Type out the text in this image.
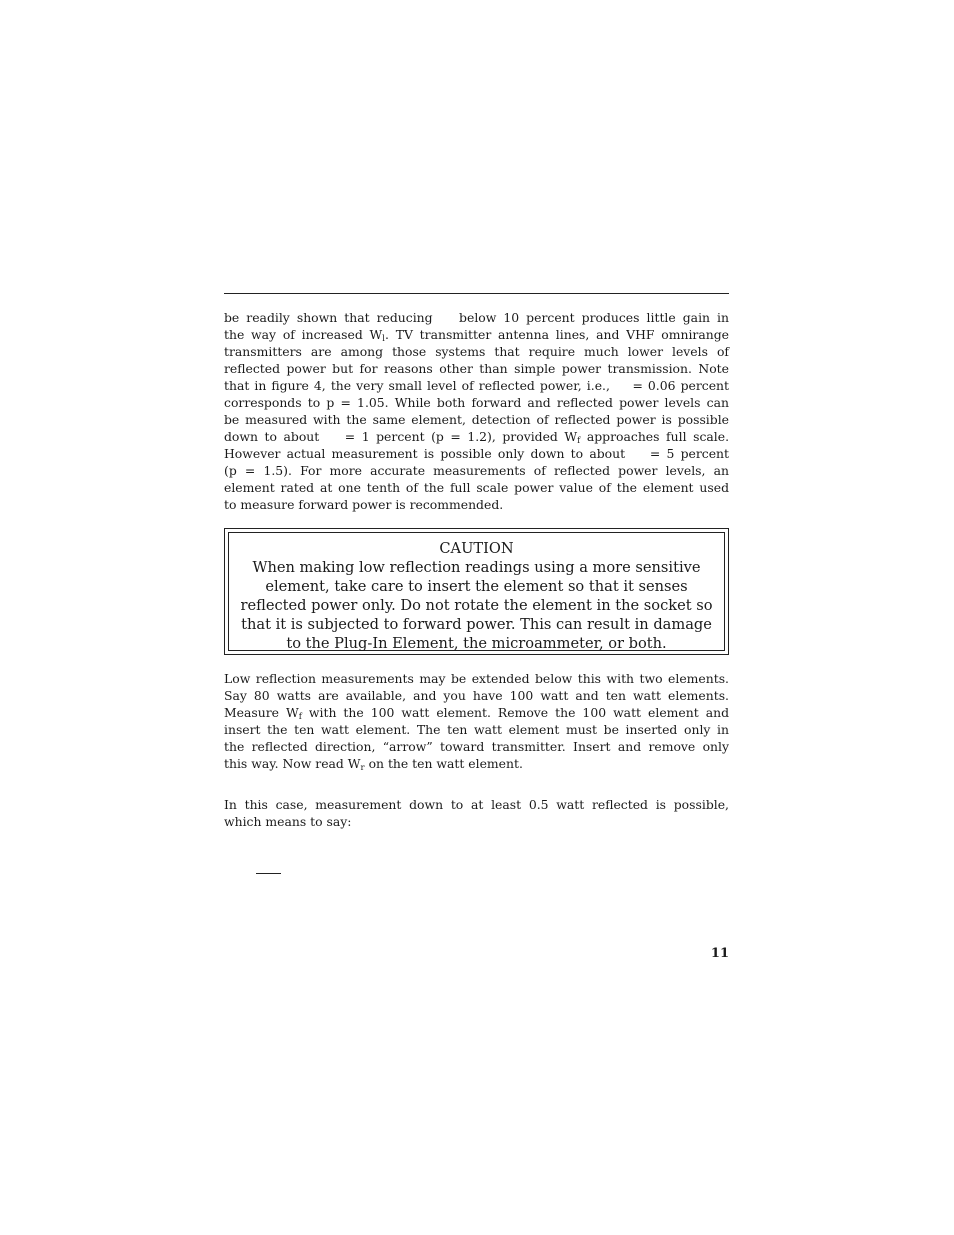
be readily shown that reducing   below 10 percent produces little gain in
the way of increased $W_l$. TV transmitter antenna lines, and VHF omnirange
transmitters are among those systems that require much lower levels of
reflected power but for reasons other than simple power transmission. Note
that in figure 4, the very small level of reflected power, i.e.,   = 0.06 percent
corresponds to p = 1.05. While both forward and reflected power levels can
be measured with the same element, detection of reflected power is possible
down to about   = 1 percent (p = 1.2), provided $W_f$ approaches full scale.
However actual measurement is possible only down to about   = 5 percent
(p = 1.5). For more accurate measurements of reflected power levels, an
element rated at one tenth of the full scale power value of the element used
to measure forward power is recommended.

CAUTION
When making low reflection readings using a more sensitive
element, take care to insert the element so that it senses
reflected power only. Do not rotate the element in the socket so
that it is subjected to forward power. This can result in damage
to the Plug-In Element, the microammeter, or both.

Low reflection measurements may be extended below this with two elements.
Say 80 watts are available, and you have 100 watt and ten watt elements.
Measure $W_f$ with the 100 watt element. Remove the 100 watt element and
insert the ten watt element. The ten watt element must be inserted only in
the reflected direction, “arrow” toward transmitter. Insert and remove only
this way. Now read $W_r$ on the ten watt element.

In this case, measurement down to at least 0.5 watt reflected is possible,
which means to say:

11
